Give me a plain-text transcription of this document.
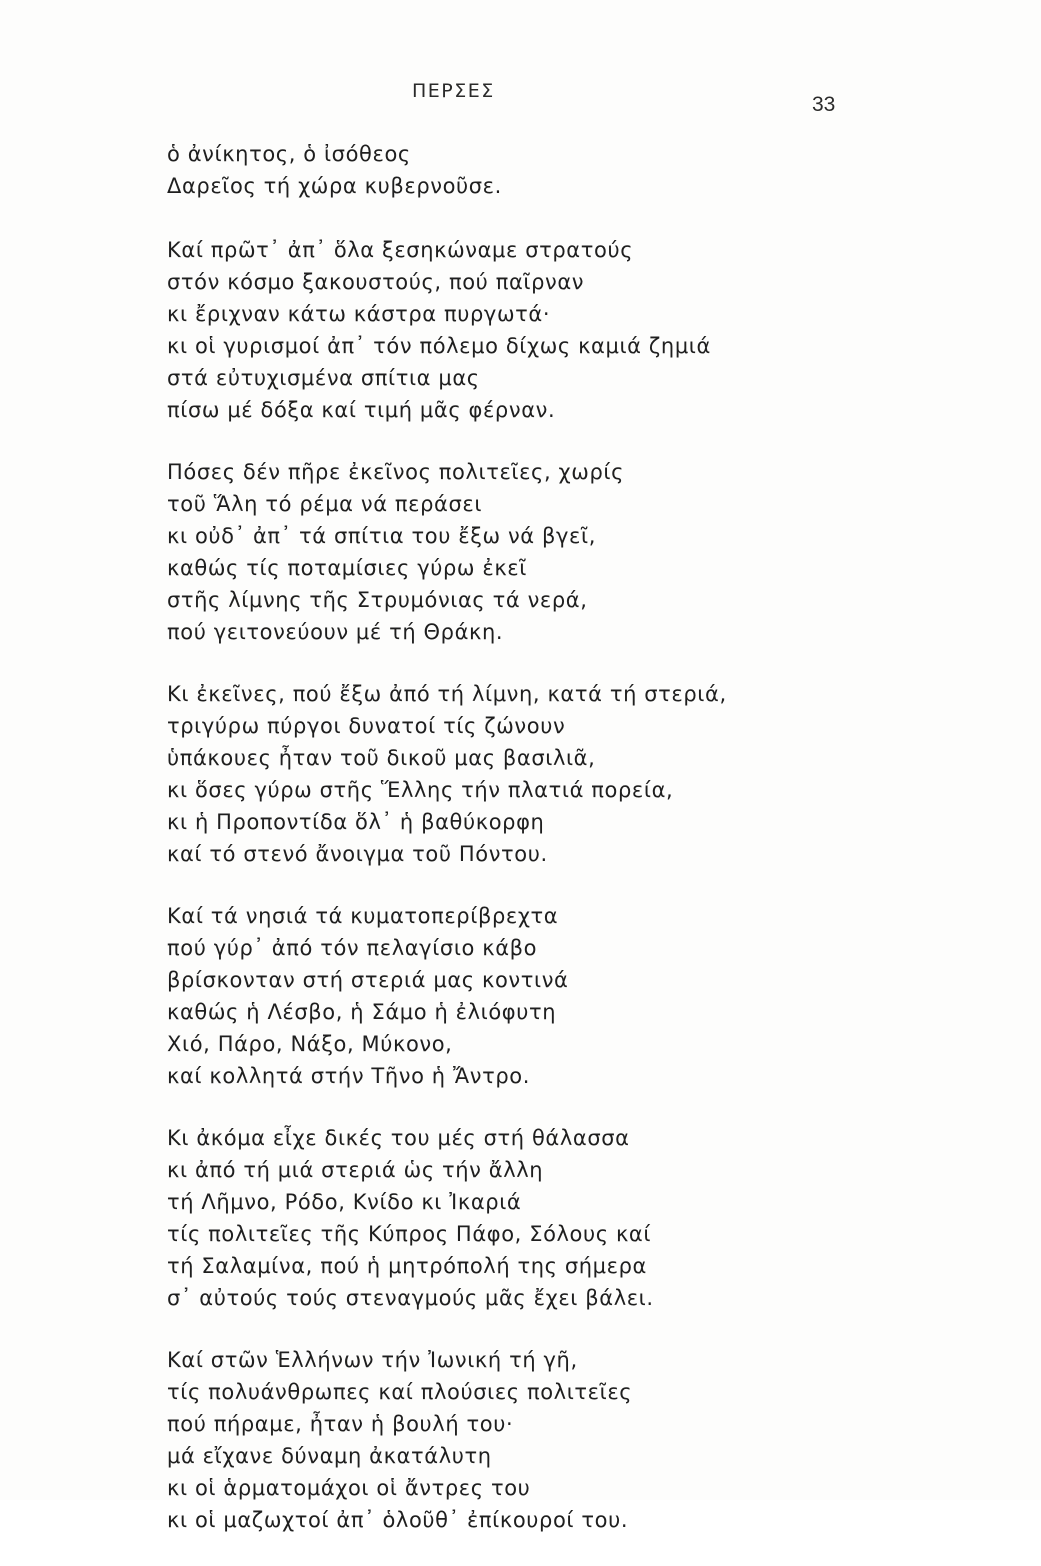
ΠΕΡΣΕΣ
33
ὁ ἀνίκητος, ὁ ἰσόθεος
Δαρεῖος τή χώρα κυβερνοῦσε.
Καί πρῶτ᾽ ἀπ᾽ ὅλα ξεσηκώναμε στρατούς
στόν κόσμο ξακουστούς, πού παῖρναν
κι ἔριχναν κάτω κάστρα πυργωτά·
κι οἱ γυρισμοί ἀπ᾽ τόν πόλεμο δίχως καμιά ζημιά
στά εὐτυχισμένα σπίτια μας
πίσω μέ δόξα καί τιμή μᾶς φέρναν.
Πόσες δέν πῆρε ἐκεῖνος πολιτεῖες, χωρίς
τοῦ Ἅλη τό ρέμα νά περάσει
κι οὐδ᾽ ἀπ᾽ τά σπίτια του ἔξω νά βγεῖ,
καθώς τίς ποταμίσιες γύρω ἐκεῖ
στῆς λίμνης τῆς Στρυμόνιας τά νερά,
πού γειτονεύουν μέ τή Θράκη.
Κι ἐκεῖνες, πού ἔξω ἀπό τή λίμνη, κατά τή στεριά,
τριγύρω πύργοι δυνατοί τίς ζώνουν
ὑπάκουες ἦταν τοῦ δικοῦ μας βασιλιᾶ,
κι ὅσες γύρω στῆς Ἕλλης τήν πλατιά πορεία,
κι ἡ Προποντίδα ὅλ᾽ ἡ βαθύκορφη
καί τό στενό ἄνοιγμα τοῦ Πόντου.
Καί τά νησιά τά κυματοπερίβρεχτα
πού γύρ᾽ ἀπό τόν πελαγίσιο κάβο
βρίσκονταν στή στεριά μας κοντινά
καθώς ἡ Λέσβο, ἡ Σάμο ἡ ἐλιόφυτη
Χιό, Πάρο, Νάξο, Μύκονο,
καί κολλητά στήν Τῆνο ἡ Ἄντρο.
Κι ἀκόμα εἶχε δικές του μές στή θάλασσα
κι ἀπό τή μιά στεριά ὡς τήν ἄλλη
τή Λῆμνο, Ρόδο, Κνίδο κι Ἰκαριά
τίς πολιτεῖες τῆς Κύπρος Πάφο, Σόλους καί
τή Σαλαμίνα, πού ἡ μητρόπολή της σήμερα
σ᾽ αὐτούς τούς στεναγμούς μᾶς ἔχει βάλει.
Καί στῶν Ἑλλήνων τήν Ἰωνική τή γῆ,
τίς πολυάνθρωπες καί πλούσιες πολιτεῖες
πού πήραμε, ἦταν ἡ βουλή του·
μά εἴχανε δύναμη ἀκατάλυτη
κι οἱ ἁρματομάχοι οἱ ἄντρες του
κι οἱ μαζωχτοί ἀπ᾽ ὁλοῦθ᾽ ἐπίκουροί του.
